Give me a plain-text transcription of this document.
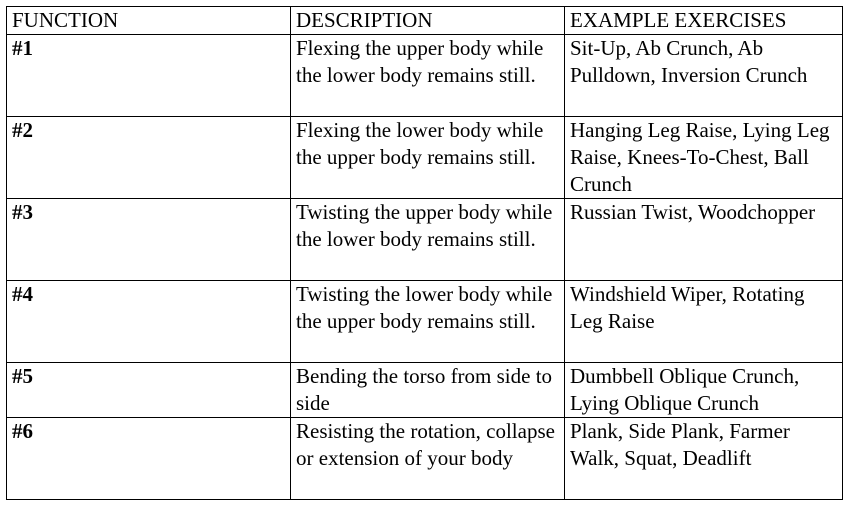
FUNCTION	DESCRIPTION	EXAMPLE EXERCISES
#1	Flexing the upper body while the lower body remains still.	Sit-Up, Ab Crunch, Ab Pulldown, Inversion Crunch
#2	Flexing the lower body while the upper body remains still.	Hanging Leg Raise, Lying Leg Raise, Knees-To-Chest, Ball Crunch
#3	Twisting the upper body while the lower body remains still.	Russian Twist, Woodchopper
#4	Twisting the lower body while the upper body remains still.	Windshield Wiper, Rotating Leg Raise
#5	Bending the torso from side to side	Dumbbell Oblique Crunch, Lying Oblique Crunch
#6	Resisting the rotation, collapse or extension of your body	Plank, Side Plank, Farmer Walk, Squat, Deadlift
